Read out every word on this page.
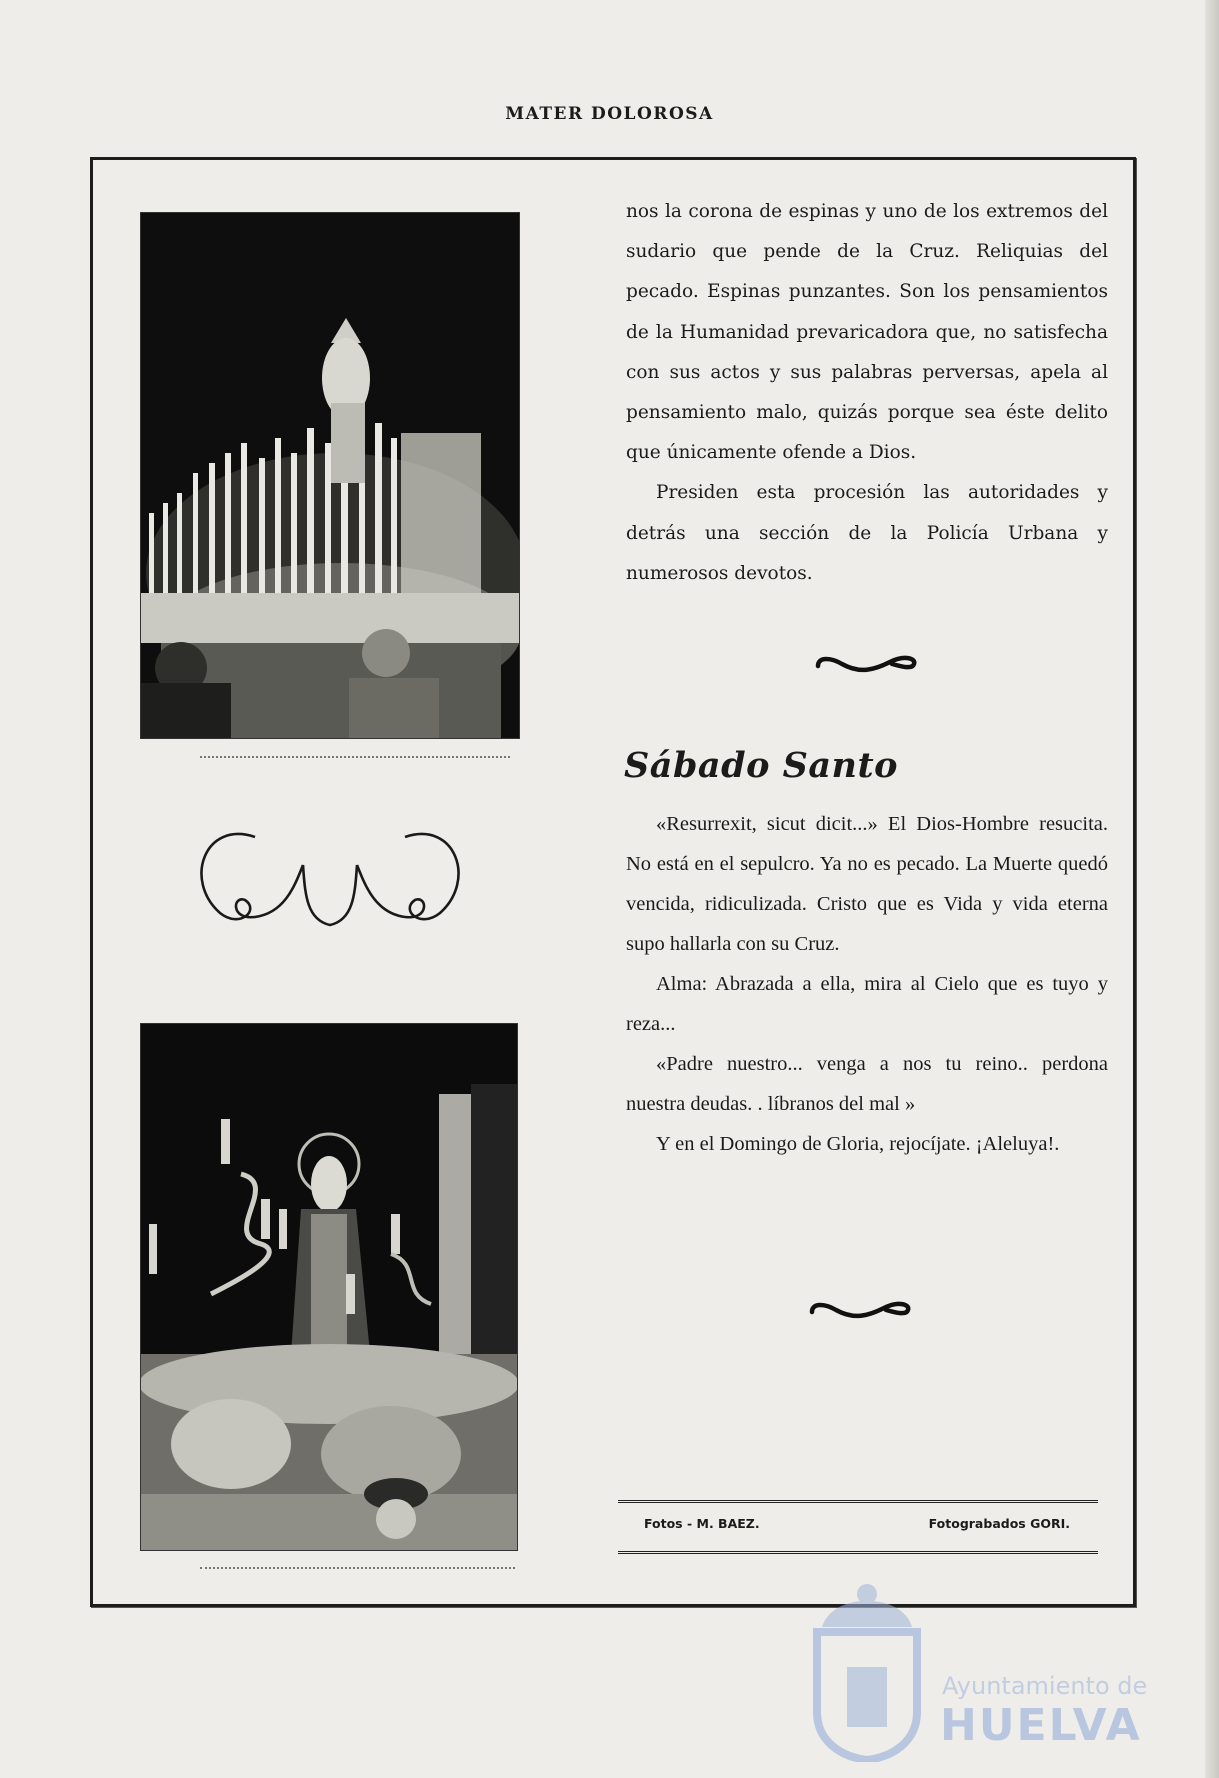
MATER DOLOROSA

nos la corona de espinas y uno de los extremos del sudario que pende de la Cruz. Reliquias del pecado. Espinas punzantes. Son los pensamientos de la Humanidad prevaricadora que, no satisfecha con sus actos y sus palabras perversas, apela al pensamiento malo, quizás porque sea éste delito que únicamente ofende a Dios.

Presiden esta procesión las autoridades y detrás una sección de la Policía Urbana y numerosos devotos.

Sábado Santo

«Resurrexit, sicut dicit...» El Dios-Hombre resucita. No está en el sepulcro. Ya no es pecado. La Muerte quedó vencida, ridiculizada. Cristo que es Vida y vida eterna supo hallarla con su Cruz.

Alma: Abrazada a ella, mira al Cielo que es tuyo y reza...

«Padre nuestro... venga a nos tu reino.. perdona nuestra deudas. . líbranos del mal »

Y en el Domingo de Gloria, rejocíjate. ¡Aleluya!.

Fotos - M. BAEZ.	Fotograbados GORI.
Ayuntamiento de
HUELVA
